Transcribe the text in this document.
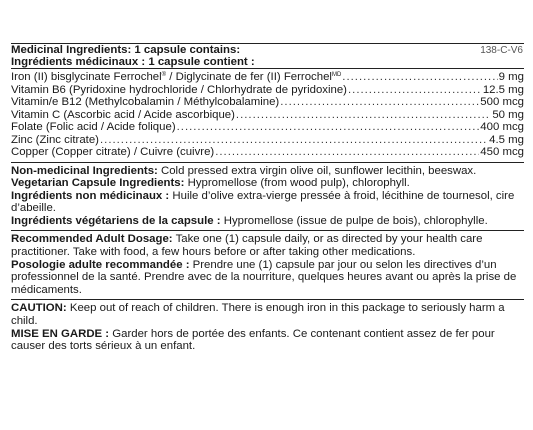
138-C-V6
Medicinal Ingredients: 1 capsule contains:
Ingrédients médicinaux : 1 capsule contient :
Iron (II) bisglycinate Ferrochel® / Diglycinate de fer (II) Ferrochel$^{MD}$ .....	9 mg
Vitamin B6 (Pyridoxine hydrochloride / Chlorhydrate de pyridoxine) .....	12.5 mg
Vitamin/e B12 (Methylcobalamin / Méthylcobalamine) .....	500 mcg
Vitamin C (Ascorbic acid / Acide ascorbique) .....	50 mg
Folate (Folic acid / Acide folique) .....	400 mcg
Zinc (Zinc citrate) .....	4.5 mg
Copper (Copper citrate) / Cuivre (cuivre) .....	450 mcg

Non-medicinal Ingredients: Cold pressed extra virgin olive oil, sunflower lecithin, beeswax.

Vegetarian Capsule Ingredients: Hypromellose (from wood pulp), chlorophyll.

Ingrédients non médicinaux : Huile d’olive extra-vierge pressée à froid, lécithine de tournesol, cire d’abeille.

Ingrédients végétariens de la capsule : Hypromellose (issue de pulpe de bois), chlorophylle.

Recommended Adult Dosage: Take one (1) capsule daily, or as directed by your health care practitioner. Take with food, a few hours before or after taking other medications.

Posologie adulte recommandée : Prendre une (1) capsule par jour ou selon les directives d’un professionnel de la santé. Prendre avec de la nourriture, quelques heures avant ou après la prise de médicaments.

CAUTION: Keep out of reach of children. There is enough iron in this package to seriously harm a child.

MISE EN GARDE : Garder hors de portée des enfants. Ce contenant contient assez de fer pour causer des torts sérieux à un enfant.
